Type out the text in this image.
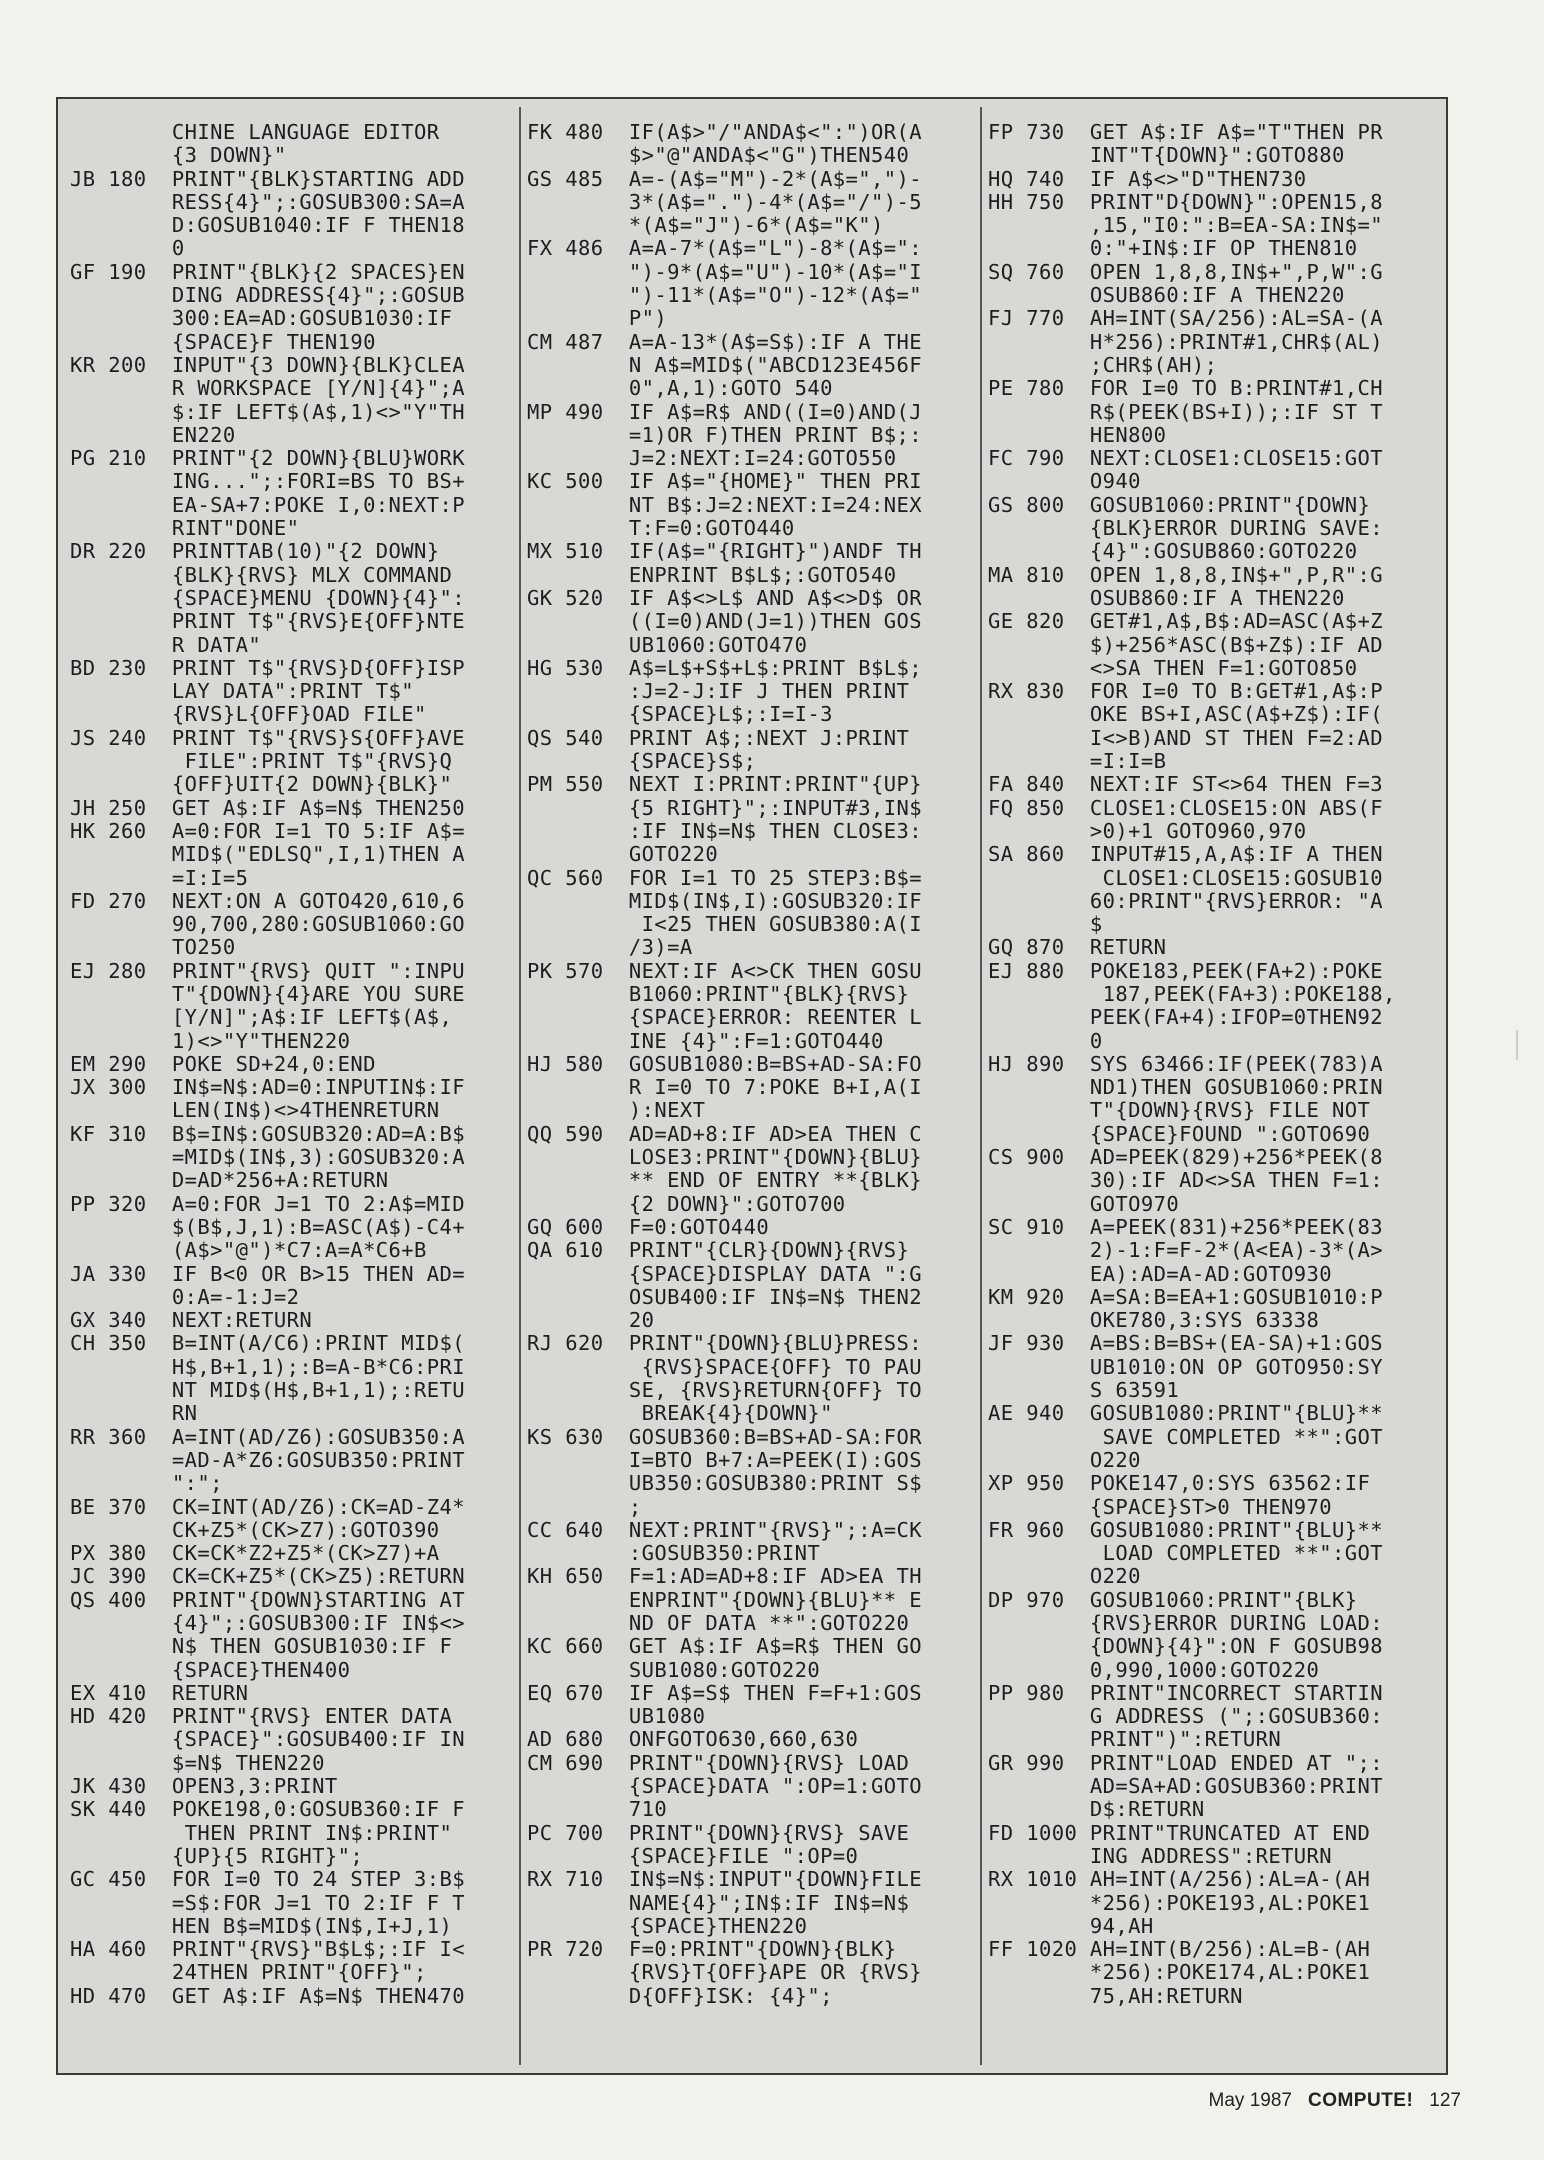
CHINE LANGUAGE EDITOR
{3 DOWN}"
JB 180  PRINT"{BLK}STARTING ADD
RESS{4}";:GOSUB300:SA=A
D:GOSUB1040:IF F THEN18
0
GF 190  PRINT"{BLK}{2 SPACES}EN
DING ADDRESS{4}";:GOSUB
300:EA=AD:GOSUB1030:IF
{SPACE}F THEN190
KR 200  INPUT"{3 DOWN}{BLK}CLEA
R WORKSPACE [Y/N]{4}";A
$:IF LEFT$(A$,1)<>"Y"TH
EN220
PG 210  PRINT"{2 DOWN}{BLU}WORK
ING...";:FORI=BS TO BS+
EA-SA+7:POKE I,0:NEXT:P
RINT"DONE"
DR 220  PRINTTAB(10)"{2 DOWN}
{BLK}{RVS} MLX COMMAND
{SPACE}MENU {DOWN}{4}":
PRINT T$"{RVS}E{OFF}NTE
R DATA"
BD 230  PRINT T$"{RVS}D{OFF}ISP
LAY DATA":PRINT T$"
{RVS}L{OFF}OAD FILE"
JS 240  PRINT T$"{RVS}S{OFF}AVE
FILE":PRINT T$"{RVS}Q
{OFF}UIT{2 DOWN}{BLK}"
JH 250  GET A$:IF A$=N$ THEN250
HK 260  A=0:FOR I=1 TO 5:IF A$=
MID$("EDLSQ",I,1)THEN A
=I:I=5
FD 270  NEXT:ON A GOTO420,610,6
90,700,280:GOSUB1060:GO
TO250
EJ 280  PRINT"{RVS} QUIT ":INPU
T"{DOWN}{4}ARE YOU SURE
[Y/N]";A$:IF LEFT$(A$,
1)<>"Y"THEN220
EM 290  POKE SD+24,0:END
JX 300  IN$=N$:AD=0:INPUTIN$:IF
LEN(IN$)<>4THENRETURN
KF 310  B$=IN$:GOSUB320:AD=A:B$
=MID$(IN$,3):GOSUB320:A
D=AD*256+A:RETURN
PP 320  A=0:FOR J=1 TO 2:A$=MID
$(B$,J,1):B=ASC(A$)-C4+
(A$>"@")*C7:A=A*C6+B
JA 330  IF B<0 OR B>15 THEN AD=
0:A=-1:J=2
GX 340  NEXT:RETURN
CH 350  B=INT(A/C6):PRINT MID$(
H$,B+1,1);:B=A-B*C6:PRI
NT MID$(H$,B+1,1);:RETU
RN
RR 360  A=INT(AD/Z6):GOSUB350:A
=AD-A*Z6:GOSUB350:PRINT
":";
BE 370  CK=INT(AD/Z6):CK=AD-Z4*
CK+Z5*(CK>Z7):GOTO390
PX 380  CK=CK*Z2+Z5*(CK>Z7)+A
JC 390  CK=CK+Z5*(CK>Z5):RETURN
QS 400  PRINT"{DOWN}STARTING AT
{4}";:GOSUB300:IF IN$<>
N$ THEN GOSUB1030:IF F
{SPACE}THEN400
EX 410  RETURN
HD 420  PRINT"{RVS} ENTER DATA
{SPACE}":GOSUB400:IF IN
$=N$ THEN220
JK 430  OPEN3,3:PRINT
SK 440  POKE198,0:GOSUB360:IF F
THEN PRINT IN$:PRINT"
{UP}{5 RIGHT}";
GC 450  FOR I=0 TO 24 STEP 3:B$
=S$:FOR J=1 TO 2:IF F T
HEN B$=MID$(IN$,I+J,1)
HA 460  PRINT"{RVS}"B$L$;:IF I<
24THEN PRINT"{OFF}";
HD 470  GET A$:IF A$=N$ THEN470
FK 480  IF(A$>"/"ANDA$<":")OR(A
$>"@"ANDA$<"G")THEN540
GS 485  A=-(A$="M")-2*(A$=",")-
3*(A$=".")-4*(A$="/")-5
*(A$="J")-6*(A$="K")
FX 486  A=A-7*(A$="L")-8*(A$=":
")-9*(A$="U")-10*(A$="I
")-11*(A$="O")-12*(A$="
P")
CM 487  A=A-13*(A$=S$):IF A THE
N A$=MID$("ABCD123E456F
0",A,1):GOTO 540
MP 490  IF A$=R$ AND((I=0)AND(J
=1)OR F)THEN PRINT B$;:
J=2:NEXT:I=24:GOTO550
KC 500  IF A$="{HOME}" THEN PRI
NT B$:J=2:NEXT:I=24:NEX
T:F=0:GOTO440
MX 510  IF(A$="{RIGHT}")ANDF TH
ENPRINT B$L$;:GOTO540
GK 520  IF A$<>L$ AND A$<>D$ OR
((I=0)AND(J=1))THEN GOS
UB1060:GOTO470
HG 530  A$=L$+S$+L$:PRINT B$L$;
:J=2-J:IF J THEN PRINT
{SPACE}L$;:I=I-3
QS 540  PRINT A$;:NEXT J:PRINT
{SPACE}S$;
PM 550  NEXT I:PRINT:PRINT"{UP}
{5 RIGHT}";:INPUT#3,IN$
:IF IN$=N$ THEN CLOSE3:
GOTO220
QC 560  FOR I=1 TO 25 STEP3:B$=
MID$(IN$,I):GOSUB320:IF
I<25 THEN GOSUB380:A(I
/3)=A
PK 570  NEXT:IF A<>CK THEN GOSU
B1060:PRINT"{BLK}{RVS}
{SPACE}ERROR: REENTER L
INE {4}":F=1:GOTO440
HJ 580  GOSUB1080:B=BS+AD-SA:FO
R I=0 TO 7:POKE B+I,A(I
):NEXT
QQ 590  AD=AD+8:IF AD>EA THEN C
LOSE3:PRINT"{DOWN}{BLU}
** END OF ENTRY **{BLK}
{2 DOWN}":GOTO700
GQ 600  F=0:GOTO440
QA 610  PRINT"{CLR}{DOWN}{RVS}
{SPACE}DISPLAY DATA ":G
OSUB400:IF IN$=N$ THEN2
20
RJ 620  PRINT"{DOWN}{BLU}PRESS:
{RVS}SPACE{OFF} TO PAU
SE, {RVS}RETURN{OFF} TO
BREAK{4}{DOWN}"
KS 630  GOSUB360:B=BS+AD-SA:FOR
I=BTO B+7:A=PEEK(I):GOS
UB350:GOSUB380:PRINT S$
;
CC 640  NEXT:PRINT"{RVS}";:A=CK
:GOSUB350:PRINT
KH 650  F=1:AD=AD+8:IF AD>EA TH
ENPRINT"{DOWN}{BLU}** E
ND OF DATA **":GOTO220
KC 660  GET A$:IF A$=R$ THEN GO
SUB1080:GOTO220
EQ 670  IF A$=S$ THEN F=F+1:GOS
UB1080
AD 680  ONFGOTO630,660,630
CM 690  PRINT"{DOWN}{RVS} LOAD
{SPACE}DATA ":OP=1:GOTO
710
PC 700  PRINT"{DOWN}{RVS} SAVE
{SPACE}FILE ":OP=0
RX 710  IN$=N$:INPUT"{DOWN}FILE
NAME{4}";IN$:IF IN$=N$
{SPACE}THEN220
PR 720  F=0:PRINT"{DOWN}{BLK}
{RVS}T{OFF}APE OR {RVS}
D{OFF}ISK: {4}";
FP 730  GET A$:IF A$="T"THEN PR
INT"T{DOWN}":GOTO880
HQ 740  IF A$<>"D"THEN730
HH 750  PRINT"D{DOWN}":OPEN15,8
,15,"I0:":B=EA-SA:IN$="
0:"+IN$:IF OP THEN810
SQ 760  OPEN 1,8,8,IN$+",P,W":G
OSUB860:IF A THEN220
FJ 770  AH=INT(SA/256):AL=SA-(A
H*256):PRINT#1,CHR$(AL)
;CHR$(AH);
PE 780  FOR I=0 TO B:PRINT#1,CH
R$(PEEK(BS+I));:IF ST T
HEN800
FC 790  NEXT:CLOSE1:CLOSE15:GOT
O940
GS 800  GOSUB1060:PRINT"{DOWN}
{BLK}ERROR DURING SAVE:
{4}":GOSUB860:GOTO220
MA 810  OPEN 1,8,8,IN$+",P,R":G
OSUB860:IF A THEN220
GE 820  GET#1,A$,B$:AD=ASC(A$+Z
$)+256*ASC(B$+Z$):IF AD
<>SA THEN F=1:GOTO850
RX 830  FOR I=0 TO B:GET#1,A$:P
OKE BS+I,ASC(A$+Z$):IF(
I<>B)AND ST THEN F=2:AD
=I:I=B
FA 840  NEXT:IF ST<>64 THEN F=3
FQ 850  CLOSE1:CLOSE15:ON ABS(F
>0)+1 GOTO960,970
SA 860  INPUT#15,A,A$:IF A THEN
CLOSE1:CLOSE15:GOSUB10
60:PRINT"{RVS}ERROR: "A
$
GQ 870  RETURN
EJ 880  POKE183,PEEK(FA+2):POKE
187,PEEK(FA+3):POKE188,
PEEK(FA+4):IFOP=0THEN92
0
HJ 890  SYS 63466:IF(PEEK(783)A
ND1)THEN GOSUB1060:PRIN
T"{DOWN}{RVS} FILE NOT
{SPACE}FOUND ":GOTO690
CS 900  AD=PEEK(829)+256*PEEK(8
30):IF AD<>SA THEN F=1:
GOTO970
SC 910  A=PEEK(831)+256*PEEK(83
2)-1:F=F-2*(A<EA)-3*(A>
EA):AD=A-AD:GOTO930
KM 920  A=SA:B=EA+1:GOSUB1010:P
OKE780,3:SYS 63338
JF 930  A=BS:B=BS+(EA-SA)+1:GOS
UB1010:ON OP GOTO950:SY
S 63591
AE 940  GOSUB1080:PRINT"{BLU}**
SAVE COMPLETED **":GOT
O220
XP 950  POKE147,0:SYS 63562:IF
{SPACE}ST>0 THEN970
FR 960  GOSUB1080:PRINT"{BLU}**
LOAD COMPLETED **":GOT
O220
DP 970  GOSUB1060:PRINT"{BLK}
{RVS}ERROR DURING LOAD:
{DOWN}{4}":ON F GOSUB98
0,990,1000:GOTO220
PP 980  PRINT"INCORRECT STARTIN
G ADDRESS (";:GOSUB360:
PRINT")":RETURN
GR 990  PRINT"LOAD ENDED AT ";:
AD=SA+AD:GOSUB360:PRINT
D$:RETURN
FD 1000 PRINT"TRUNCATED AT END
ING ADDRESS":RETURN
RX 1010 AH=INT(A/256):AL=A-(AH
*256):POKE193,AL:POKE1
94,AH
FF 1020 AH=INT(B/256):AL=B-(AH
*256):POKE174,AL:POKE1
75,AH:RETURN
May 1987 COMPUTE! 127
